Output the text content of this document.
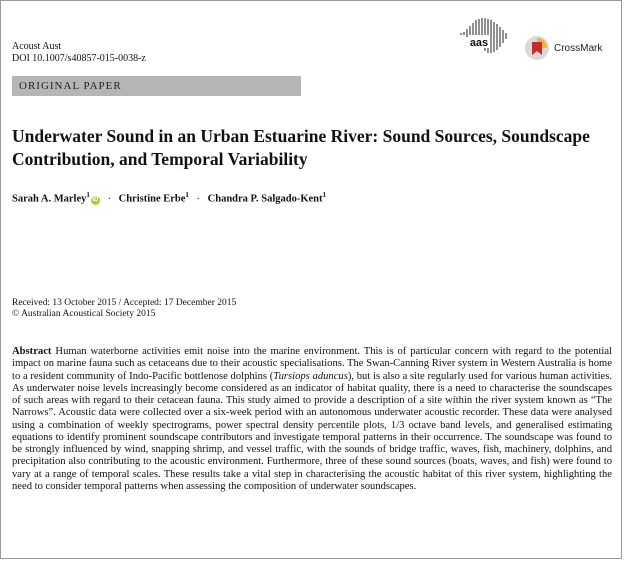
Acoust Aust
DOI 10.1007/s40857-015-0038-z
ORIGINAL PAPER
aas	CrossMark
Underwater Sound in an Urban Estuarine River: Sound Sources, Soundscape Contribution, and Temporal Variability
Sarah A. Marley$^1$iD · Christine Erbe$^1$ · Chandra P. Salgado-Kent$^1$
Received: 13 October 2015 / Accepted: 17 December 2015
© Australian Acoustical Society 2015

Abstract Human waterborne activities emit noise into the marine environment. This is of particular concern with regard to the potential impact on marine fauna such as cetaceans due to their acoustic specialisations. The Swan-Canning River system in Western Australia is home to a resident community of Indo-Pacific bottlenose dolphins (Tursiops aduncus), but is also a site regularly used for various human activities. As underwater noise levels increasingly become considered as an indicator of habitat quality, there is a need to characterise the soundscapes of such areas with regard to their cetacean fauna. This study aimed to provide a description of a site within the river system known as “The Narrows”. Acoustic data were collected over a six-week period with an autonomous underwater acoustic recorder. These data were analysed using a combination of weekly spectrograms, power spectral density percentile plots, 1/3 octave band levels, and generalised estimating equations to identify prominent soundscape contributors and investigate temporal patterns in their occurrence. The soundscape was found to be strongly influenced by wind, snapping shrimp, and vessel traffic, with the sounds of bridge traffic, waves, fish, machinery, dolphins, and precipitation also contributing to the acoustic environment. Furthermore, three of these sound sources (boats, waves, and fish) were found to vary at a range of temporal scales. These results take a vital step in characterising the acoustic habitat of this river system, highlighting the need to consider temporal patterns when assessing the composition of underwater soundscapes.
